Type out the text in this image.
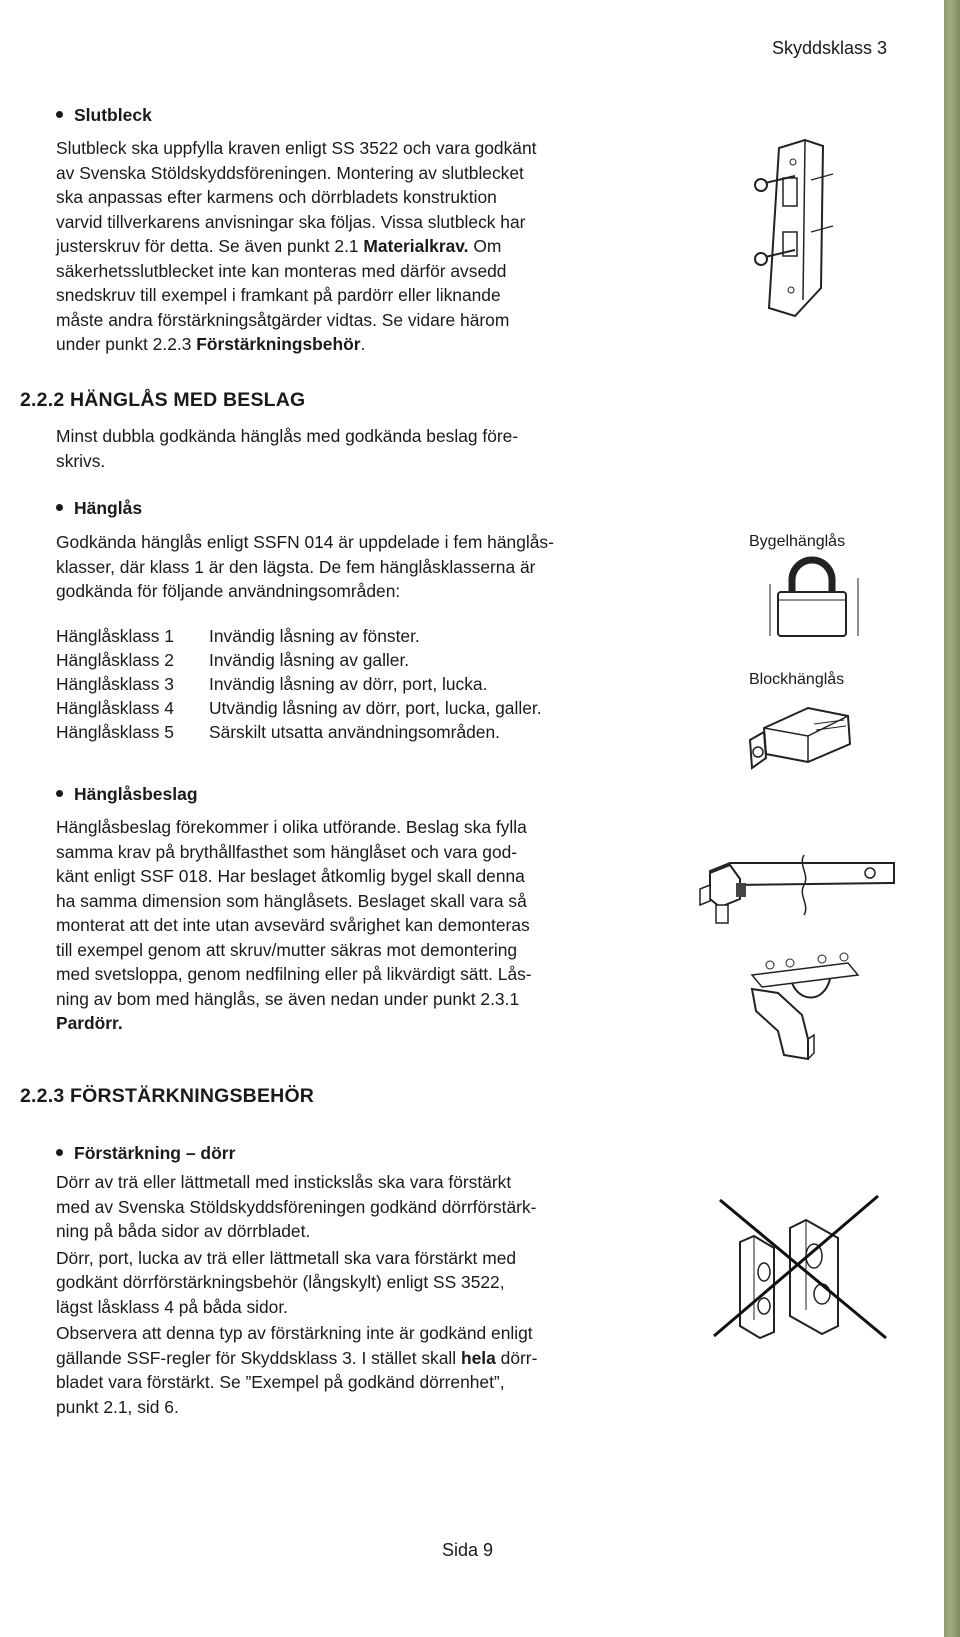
Skyddsklass 3
Slutbleck
Slutbleck ska uppfylla kraven enligt SS 3522 och vara godkänt
av Svenska Stöldskyddsföreningen. Montering av slutblecket
ska anpassas efter karmens och dörrbladets konstruktion
varvid tillverkarens anvisningar ska följas. Vissa slutbleck har
justerskruv för detta. Se även punkt 2.1 Materialkrav. Om
säkerhetsslutblecket inte kan monteras med därför avsedd
snedskruv till exempel i framkant på pardörr eller liknande
måste andra förstärkningsåtgärder vidtas. Se vidare härom
under punkt 2.2.3 Förstärkningsbehör.
2.2.2 HÄNGLÅS MED BESLAG
Minst dubbla godkända hänglås med godkända beslag före-
skrivs.
Hänglås
Godkända hänglås enligt SSFN 014 är uppdelade i fem hänglås-
klasser, där klass 1 är den lägsta. De fem hänglåsklasserna är
godkända för följande användningsområden:
Hänglåsklass 1	Invändig låsning av fönster.
Hänglåsklass 2	Invändig låsning av galler.
Hänglåsklass 3	Invändig låsning av dörr, port, lucka.
Hänglåsklass 4	Utvändig låsning av dörr, port, lucka, galler.
Hänglåsklass 5	Särskilt utsatta användningsområden.
Bygelhänglås
Blockhänglås
Hänglåsbeslag
Hänglåsbeslag förekommer i olika utförande. Beslag ska fylla
samma krav på brythållfasthet som hänglåset och vara god-
känt enligt SSF 018. Har beslaget åtkomlig bygel skall denna
ha samma dimension som hänglåsets. Beslaget skall vara så
monterat att det inte utan avsevärd svårighet kan demonteras
till exempel genom att skruv/mutter säkras mot demontering
med svetsloppa, genom nedfilning eller på likvärdigt sätt. Lås-
ning av bom med hänglås, se även nedan under punkt 2.3.1
Pardörr.
2.2.3 FÖRSTÄRKNINGSBEHÖR
Förstärkning – dörr
Dörr av trä eller lättmetall med instickslås ska vara förstärkt
med av Svenska Stöldskyddsföreningen godkänd dörrförstärk-
ning på båda sidor av dörrbladet.
Dörr, port, lucka av trä eller lättmetall ska vara förstärkt med
godkänt dörrförstärkningsbehör (långskylt) enligt SS 3522,
lägst låsklass 4 på båda sidor.
Observera att denna typ av förstärkning inte är godkänd enligt
gällande SSF-regler för Skyddsklass 3. I stället skall hela dörr-
bladet vara förstärkt. Se ”Exempel på godkänd dörrenhet”,
punkt 2.1, sid 6.
Sida 9
